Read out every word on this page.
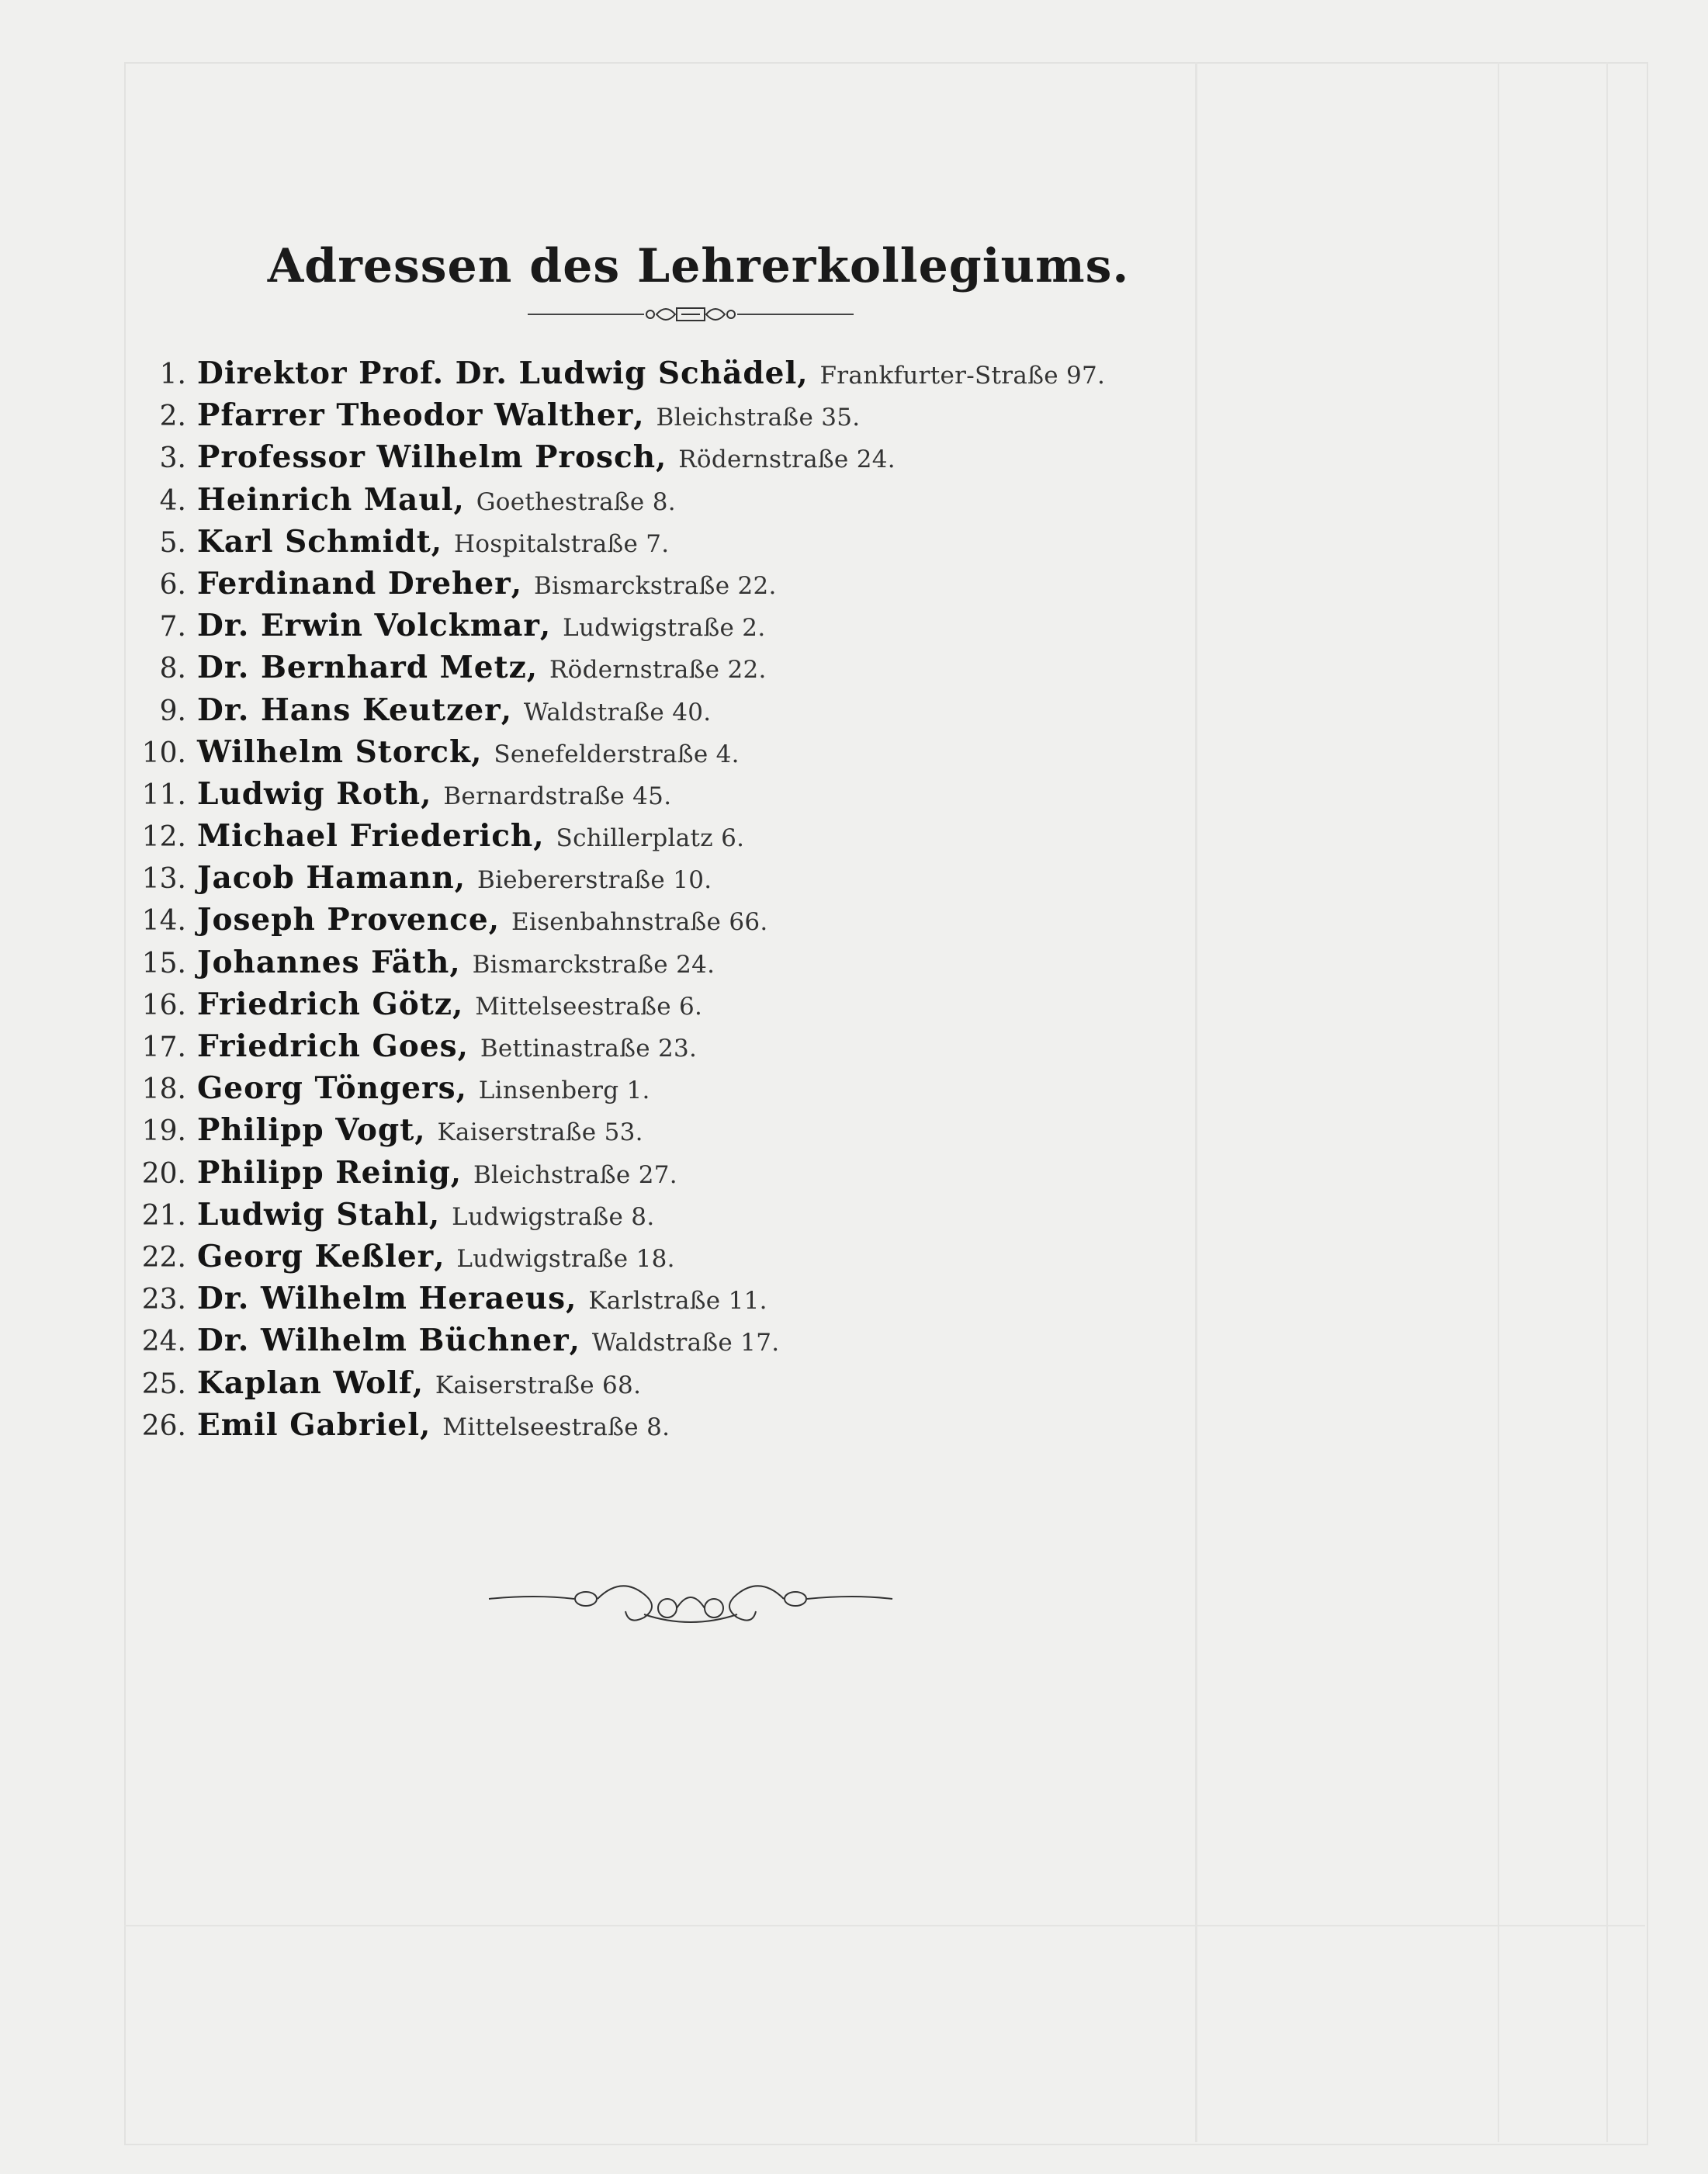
Adressen des Lehrerkollegiums.
1. Direktor Prof. Dr. Ludwig Schädel , Frankfurter-Straße 97.
2. Pfarrer Theodor Walther , Bleichstraße 35.
3. Professor Wilhelm Prosch , Rödernstraße 24.
4. Heinrich Maul , Goethestraße 8.
5. Karl Schmidt , Hospitalstraße 7.
6. Ferdinand Dreher , Bismarckstraße 22.
7. Dr. Erwin Volckmar , Ludwigstraße 2.
8. Dr. Bernhard Metz , Rödernstraße 22.
9. Dr. Hans Keutzer , Waldstraße 40.
10. Wilhelm Storck , Senefelderstraße 4.
11. Ludwig Roth , Bernardstraße 45.
12. Michael Friederich , Schillerplatz 6.
13. Jacob Hamann , Biebererstraße 10.
14. Joseph Provence , Eisenbahnstraße 66.
15. Johannes Fäth , Bismarckstraße 24.
16. Friedrich Götz , Mittelseestraße 6.
17. Friedrich Goes , Bettinastraße 23.
18. Georg Töngers , Linsenberg 1.
19. Philipp Vogt , Kaiserstraße 53.
20. Philipp Reinig , Bleichstraße 27.
21. Ludwig Stahl , Ludwigstraße 8.
22. Georg Keßler , Ludwigstraße 18.
23. Dr. Wilhelm Heraeus , Karlstraße 11.
24. Dr. Wilhelm Büchner , Waldstraße 17.
25. Kaplan Wolf , Kaiserstraße 68.
26. Emil Gabriel , Mittelseestraße 8.
